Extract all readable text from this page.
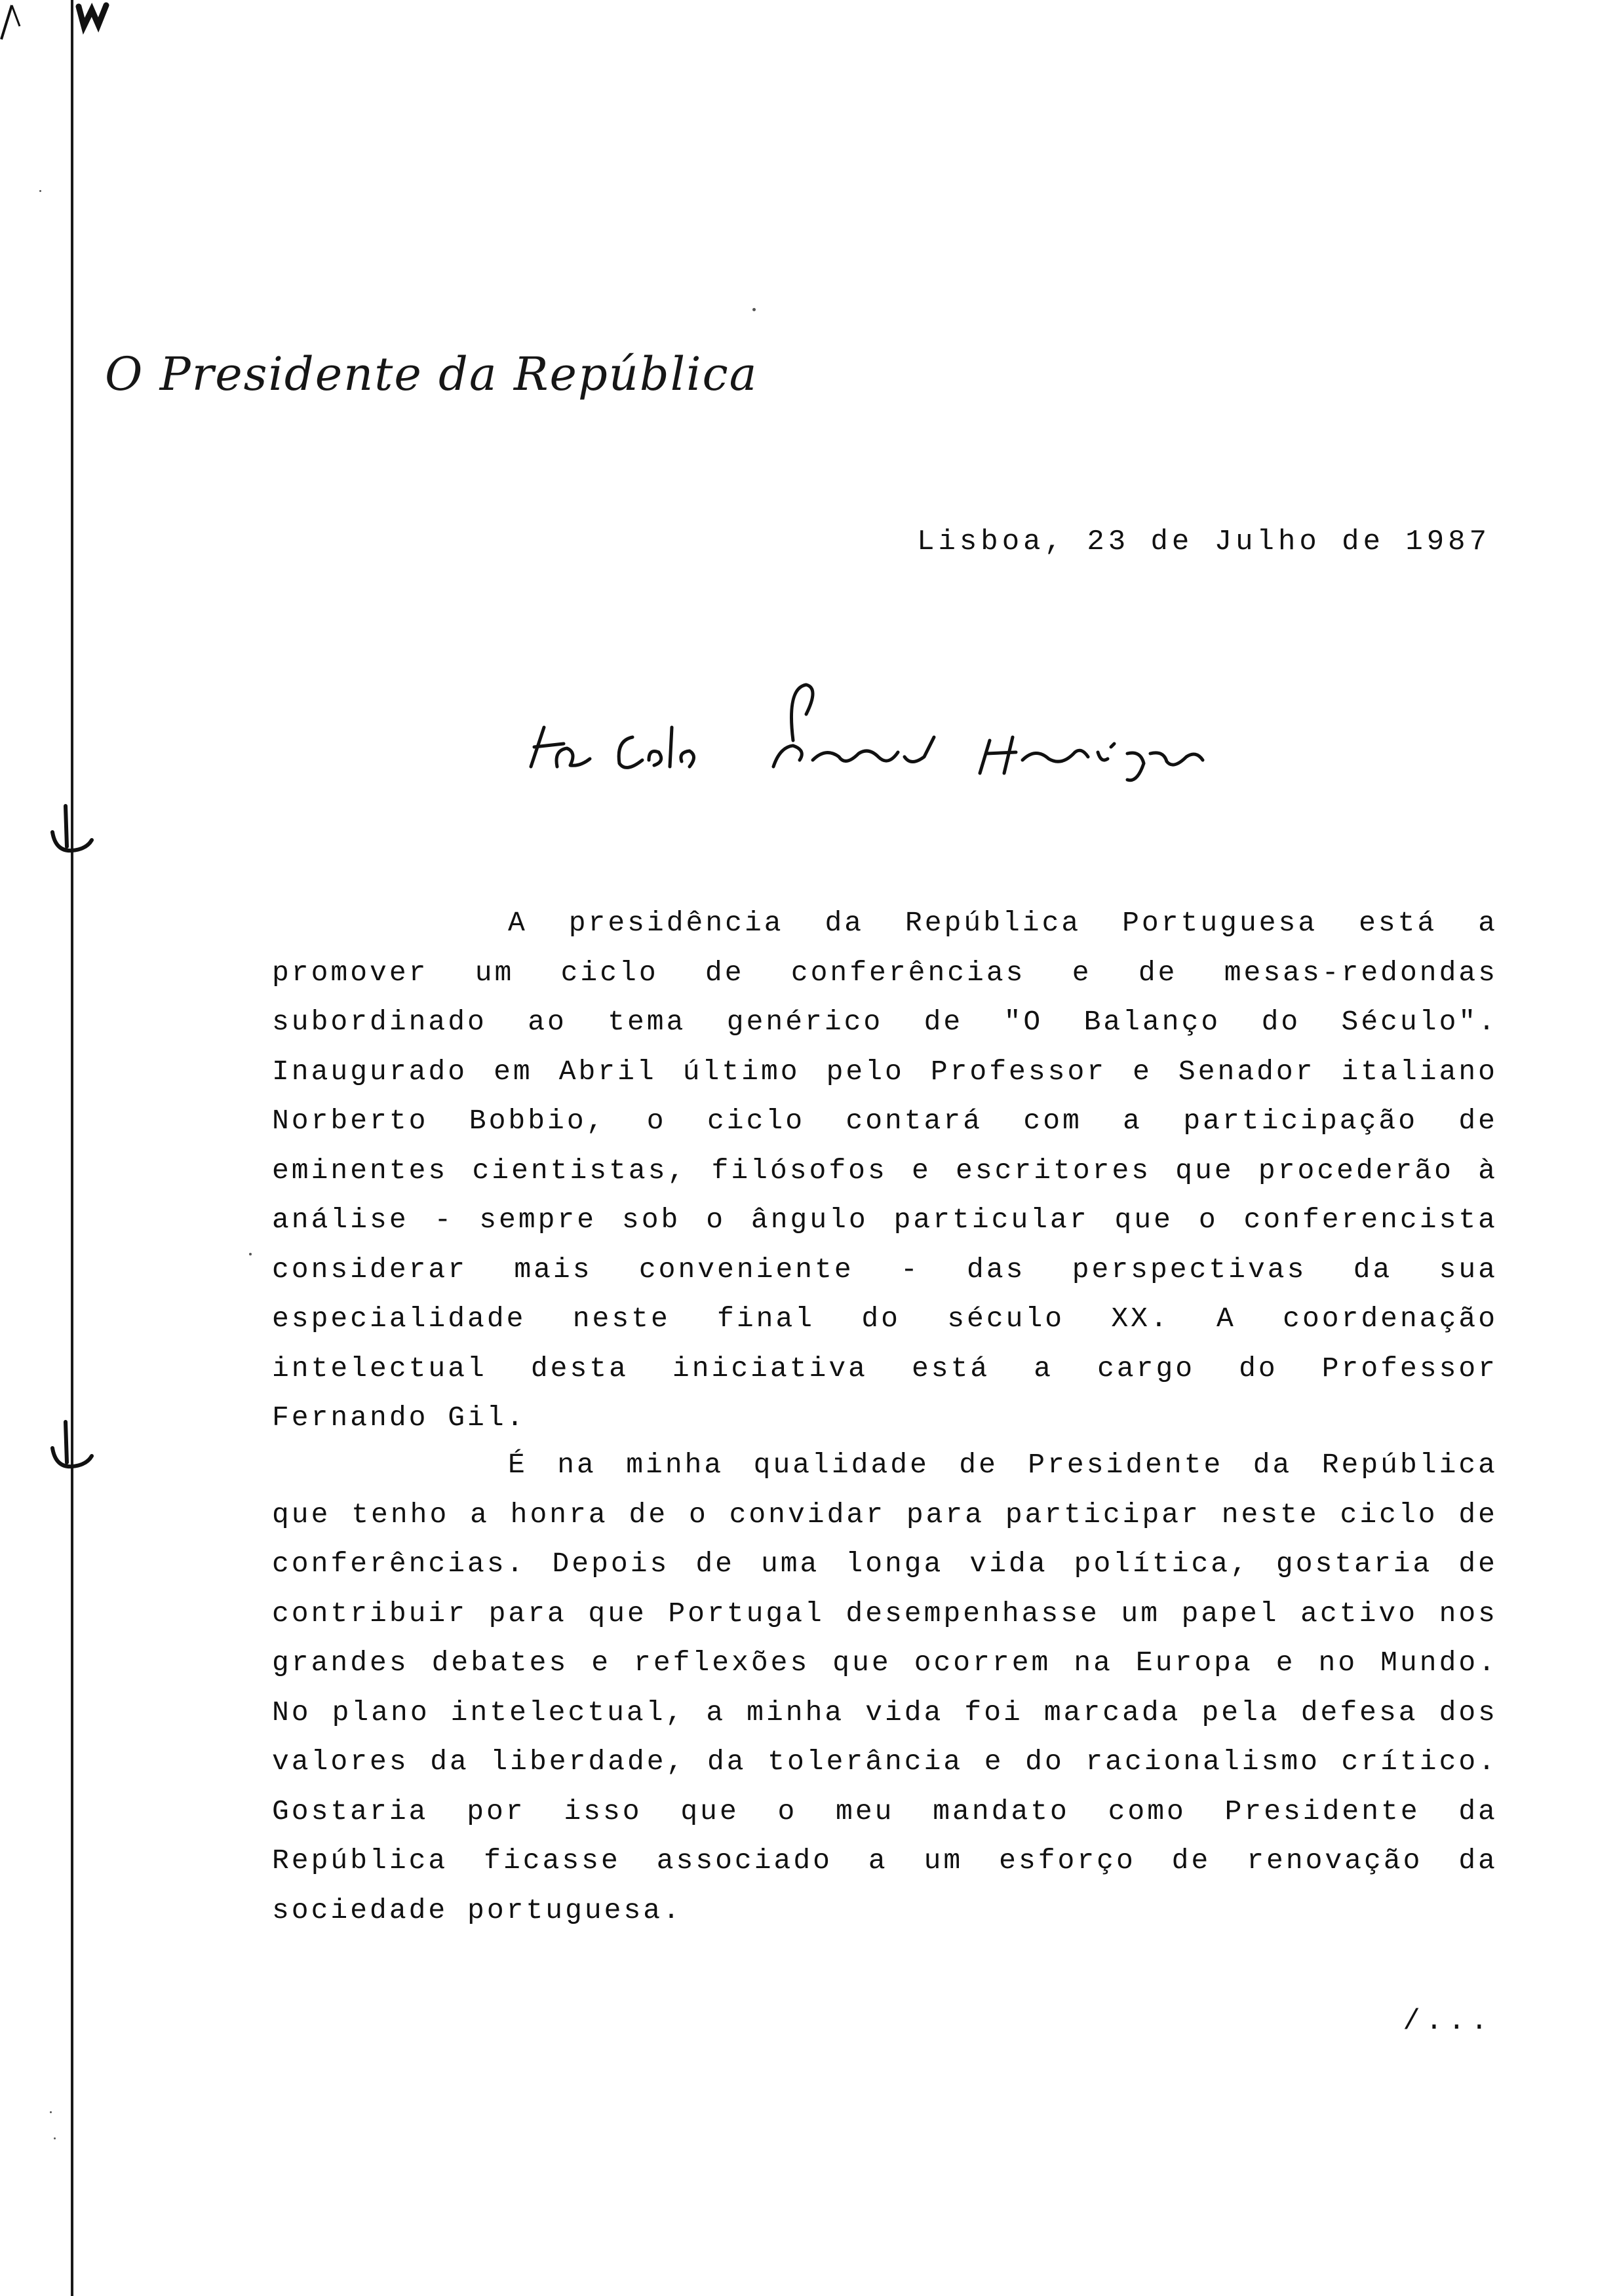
O Presidente da República
Lisboa, 23 de Julho de 1987

A presidência da República Portuguesa está a promover um ciclo de conferências e de mesas-redondas subordinado ao tema genérico de "O Balanço do Século". Inaugurado em Abril último pelo Professor e Senador italiano Norberto Bobbio, o ciclo contará com a participação de eminentes cientistas, filósofos e escritores que procederão à análise - sempre sob o ângulo particular que o conferencista considerar mais conveniente - das perspectivas da sua especialidade neste final do século XX. A coordenação intelectual desta iniciativa está a cargo do Professor Fernando Gil.

É na minha qualidade de Presidente da República que tenho a honra de o convidar para participar neste ciclo de conferências. Depois de uma longa vida política, gostaria de contribuir para que Portugal desempenhasse um papel activo nos grandes debates e reflexões que ocorrem na Europa e no Mundo. No plano intelectual, a minha vida foi marcada pela defesa dos valores da liberdade, da tolerância e do racionalismo crítico. Gostaria por isso que o meu mandato como Presidente da República ficasse associado a um esforço de renovação da sociedade portuguesa.

/...
